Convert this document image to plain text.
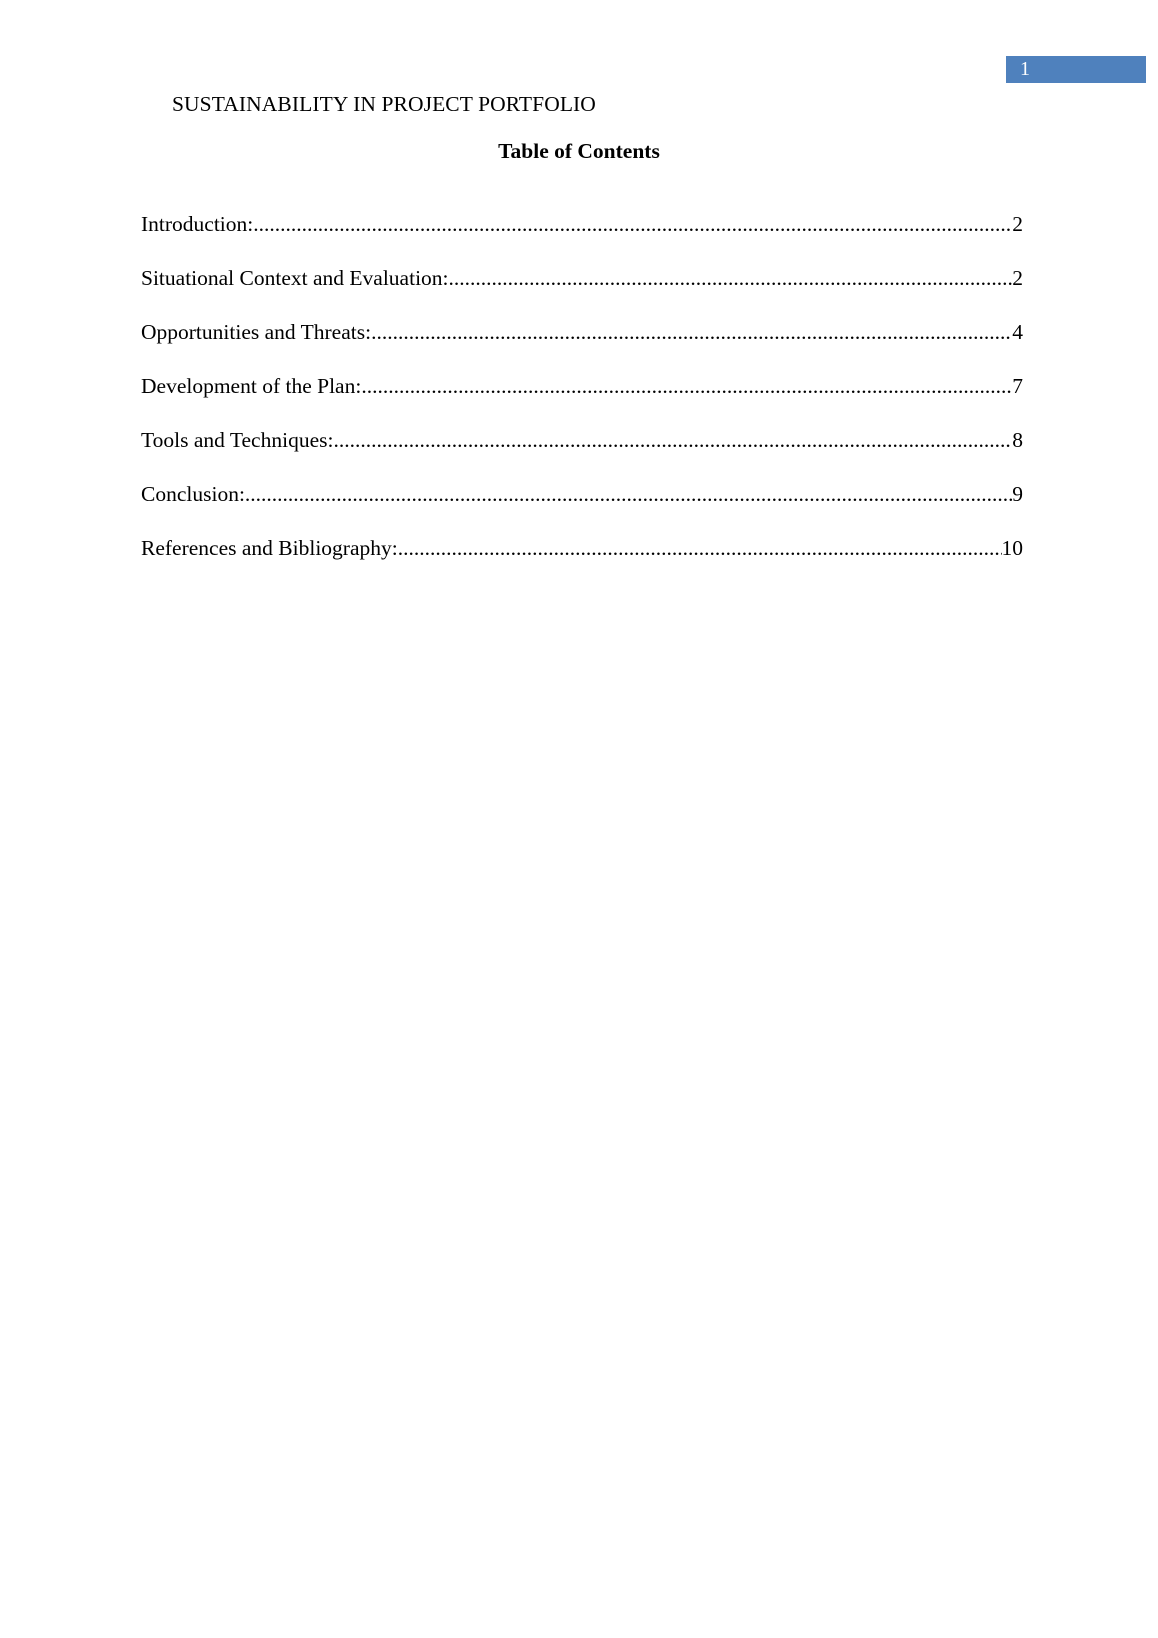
1
SUSTAINABILITY IN PROJECT PORTFOLIO
Table of Contents
Introduction: .....	2
Situational Context and Evaluation: .....	2
Opportunities and Threats: .....	4
Development of the Plan: .....	7
Tools and Techniques: .....	8
Conclusion: .....	9
References and Bibliography: .....	10
